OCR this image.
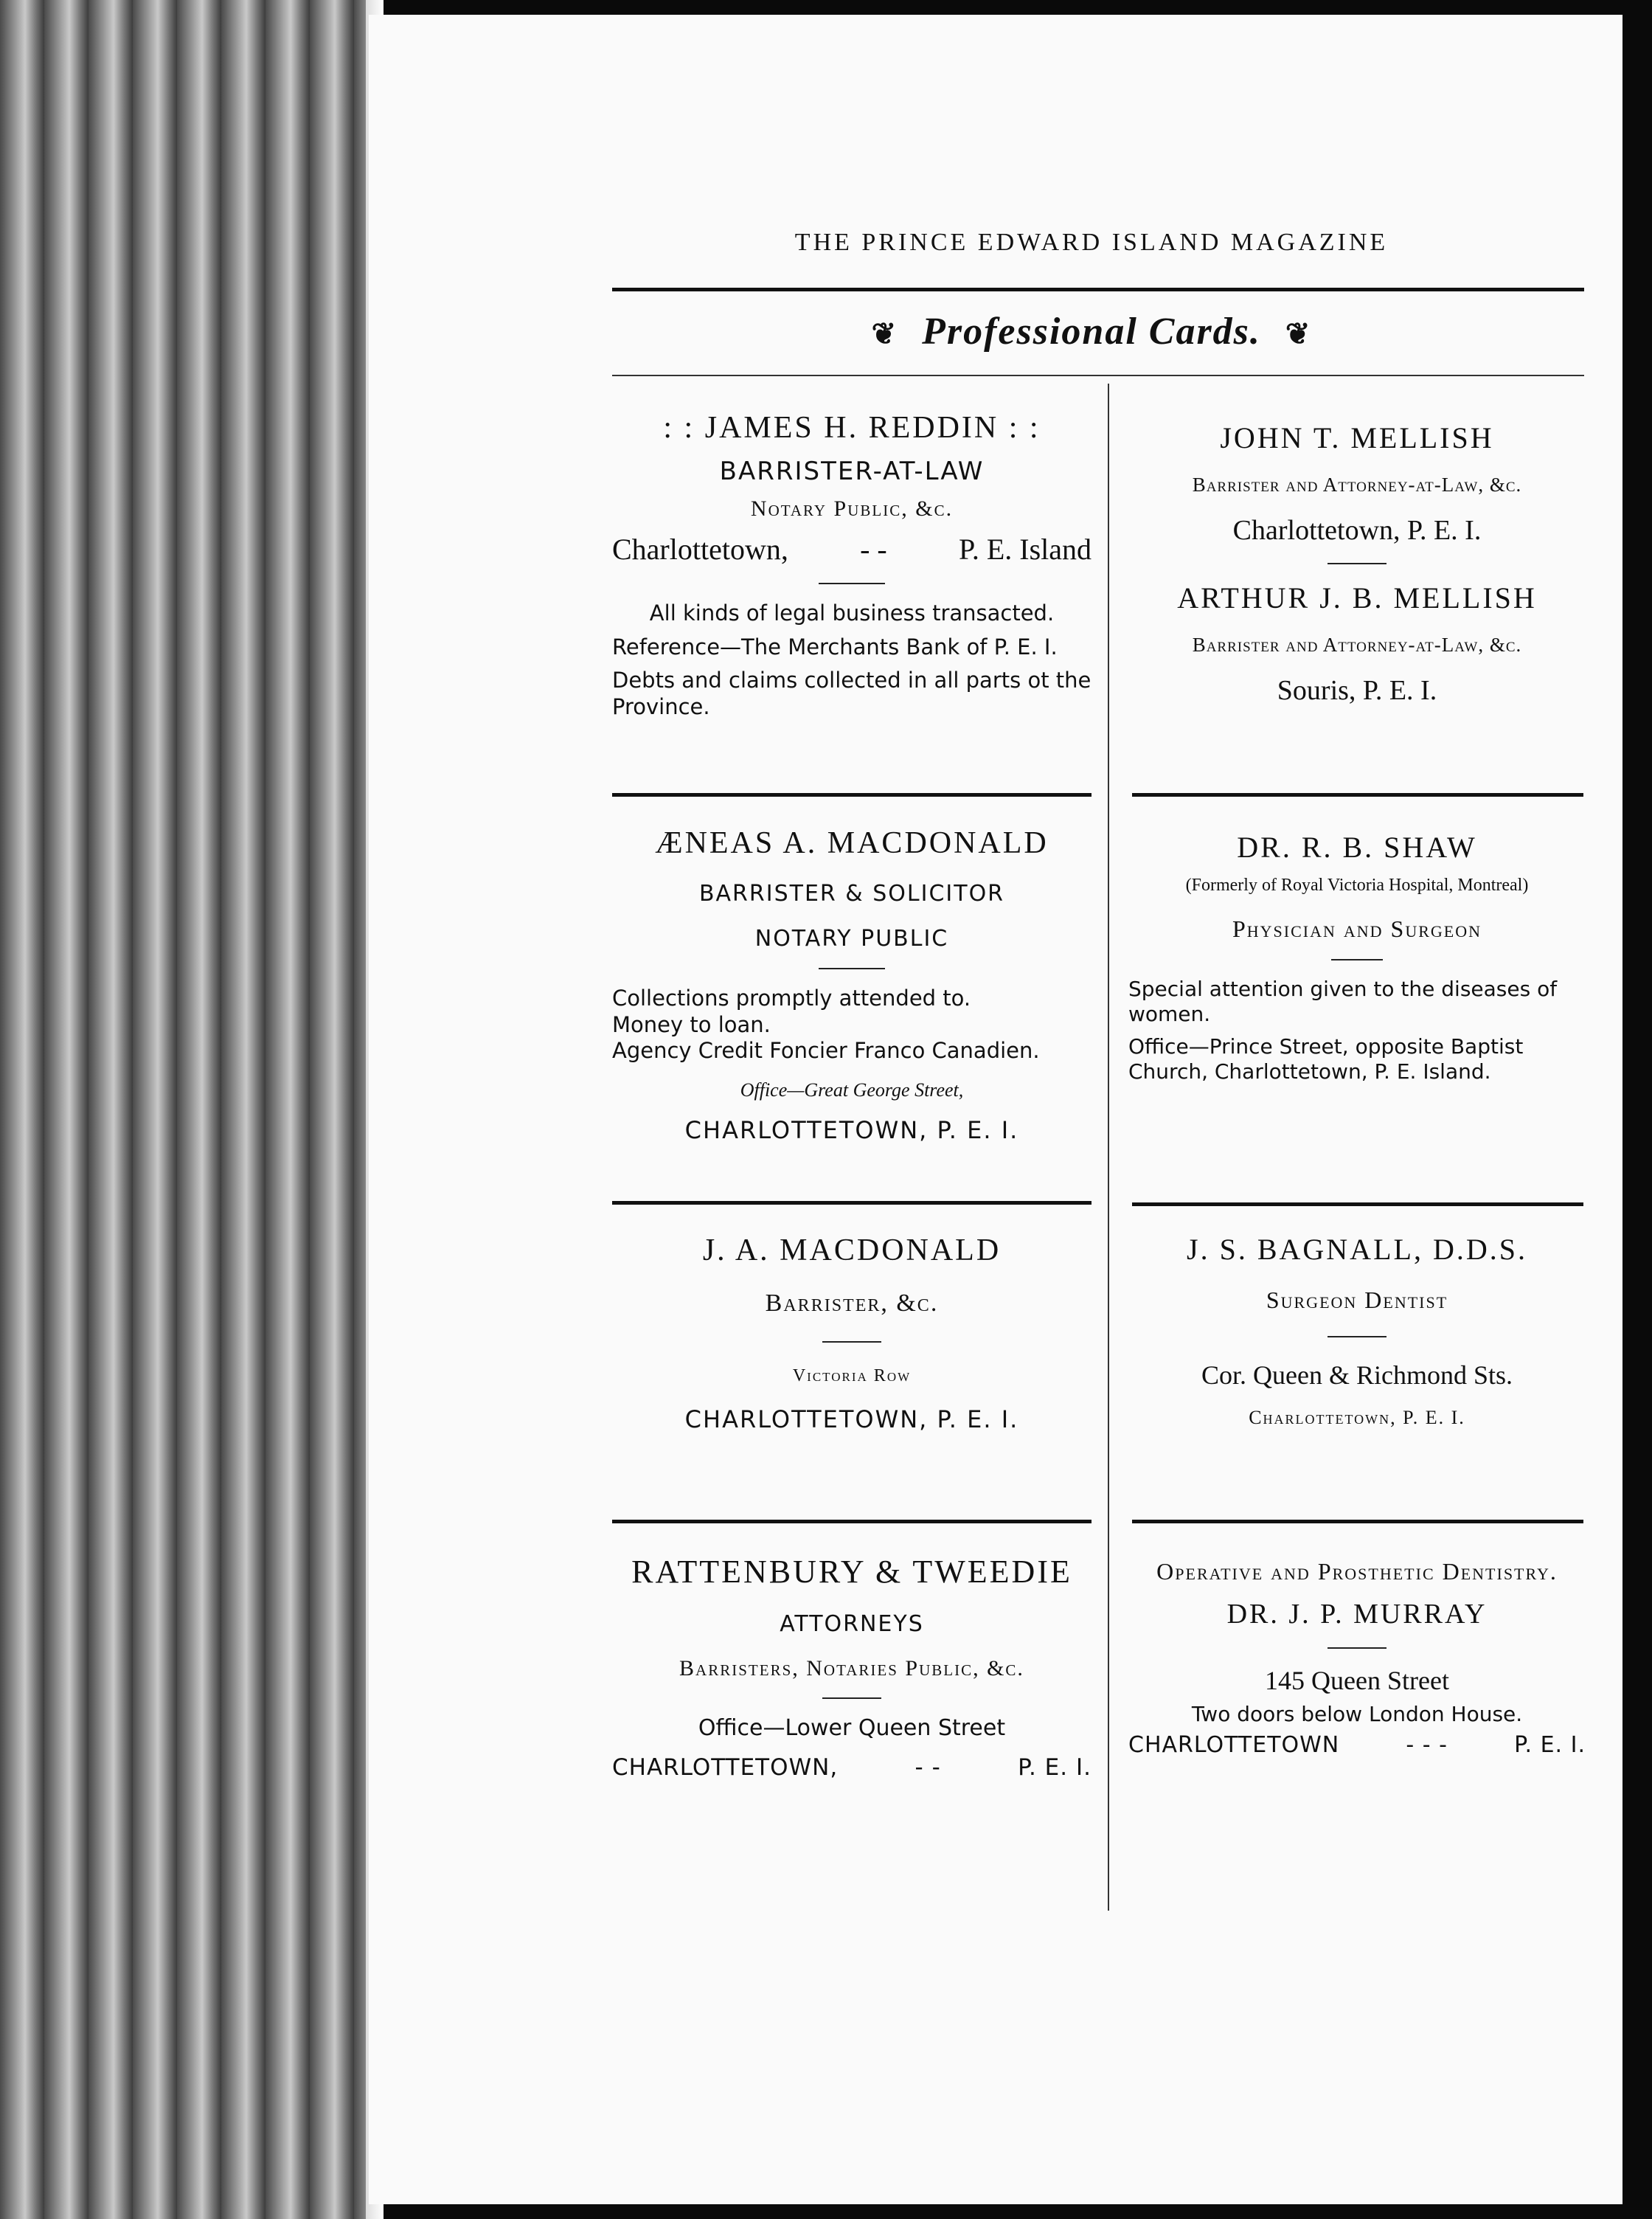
THE PRINCE EDWARD ISLAND MAGAZINE
❦ Professional Cards. ❦
: : JAMES H. REDDIN : :
BARRISTER-AT-LAW
Notary Public, &c.
Charlottetown, - - P. E. Island

All kinds of legal business transacted.

Reference—The Merchants Bank of P. E. I.

Debts and claims collected in all parts ot the Province.

JOHN T. MELLISH
Barrister and Attorney-at-Law, &c.
Charlottetown, P. E. I.
ARTHUR J. B. MELLISH
Barrister and Attorney-at-Law, &c.
Souris, P. E. I.
ÆNEAS A. MACDONALD
BARRISTER & SOLICITOR
NOTARY PUBLIC

Collections promptly attended to.

Money to loan.

Agency Credit Foncier Franco Canadien.

Office—Great George Street,
CHARLOTTETOWN, P. E. I.
DR. R. B. SHAW
(Formerly of Royal Victoria Hospital, Montreal)
Physician and Surgeon

Special attention given to the diseases of women.

Office—Prince Street, opposite Baptist Church, Charlottetown, P. E. Island.

J. A. MACDONALD
Barrister, &c.
Victoria Row
CHARLOTTETOWN, P. E. I.
J. S. BAGNALL, D.D.S.
Surgeon Dentist
Cor. Queen & Richmond Sts.
Charlottetown, P. E. I.
RATTENBURY & TWEEDIE
ATTORNEYS
Barristers, Notaries Public, &c.
Office—Lower Queen Street
CHARLOTTETOWN,	- -	P. E. I.
Operative and Prosthetic Dentistry.
DR. J. P. MURRAY
145 Queen Street
Two doors below London House.
CHARLOTTETOWN	- - -	P. E. I.
